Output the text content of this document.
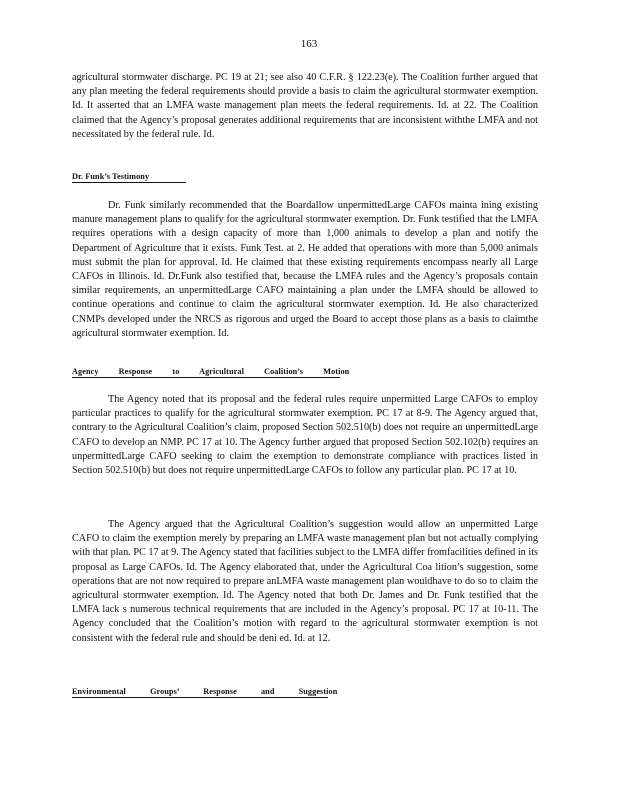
163

agricultural stormwater discharge. PC 19 at 21; see also 40 C.F.R. § 122.23(e). The Coalition further argued that any plan meeting the federal requirements should provide a basis to claim the agricultural stormwater exemption. Id. It asserted that an LMFA waste management plan meets the federal requirements. Id. at 22. The Coalition claimed that the Agency’s proposal generates additional requirements that are inconsistent withthe LMFA and not necessitated by the federal rule. Id.

Dr. Funk’s Testimony

Dr. Funk similarly recommended that the Boardallow unpermittedLarge CAFOs mainta ining existing manure management plans to qualify for the agricultural stormwater exemption. Dr. Funk testified that the LMFA requires operations with a design capacity of more than 1,000 animals to develop a plan and notify the Department of Agriculture that it exists. Funk Test. at 2. He added that operations with more than 5,000 animals must submit the plan for approval. Id. He claimed that these existing requirements encompass nearly all Large CAFOs in Illinois. Id. Dr.Funk also testified that, because the LMFA rules and the Agency’s proposals contain similar requirements, an unpermittedLarge CAFO maintaining a plan under the LMFA should be allowed to continue operations and continue to claim the agricultural stormwater exemption. Id. He also characterized CNMPs developed under the NRCS as rigorous and urged the Board to accept those plans as a basis to claimthe agricultural stormwater exemption. Id.

Agency Response to Agricultural Coalition’s Motion

The Agency noted that its proposal and the federal rules require unpermitted Large CAFOs to employ particular practices to qualify for the agricultural stormwater exemption. PC 17 at 8-9. The Agency argued that, contrary to the Agricultural Coalition’s claim, proposed Section 502.510(b) does not require an unpermittedLarge CAFO to develop an NMP. PC 17 at 10. The Agency further argued that proposed Section 502.102(b) requires an unpermittedLarge CAFO seeking to claim the exemption to demonstrate compliance with practices listed in Section 502.510(b) but does not require unpermittedLarge CAFOs to follow any particular plan. PC 17 at 10.

The Agency argued that the Agricultural Coalition’s suggestion would allow an unpermitted Large CAFO to claim the exemption merely by preparing an LMFA waste management plan but not actually complying with that plan. PC 17 at 9. The Agency stated that facilities subject to the LMFA differ fromfacilities defined in its proposal as Large CAFOs. Id. The Agency elaborated that, under the Agricultural Coa lition’s suggestion, some operations that are not now required to prepare anLMFA waste management plan wouldhave to do so to claim the agricultural stormwater exemption. Id. The Agency noted that both Dr. James and Dr. Funk testified that the LMFA lack s numerous technical requirements that are included in the Agency’s proposal. PC 17 at 10-11. The Agency concluded that the Coalition’s motion with regard to the agricultural stormwater exemption is not consistent with the federal rule and should be deni ed. Id. at 12.

Environmental Groups’ Response and Suggestion
